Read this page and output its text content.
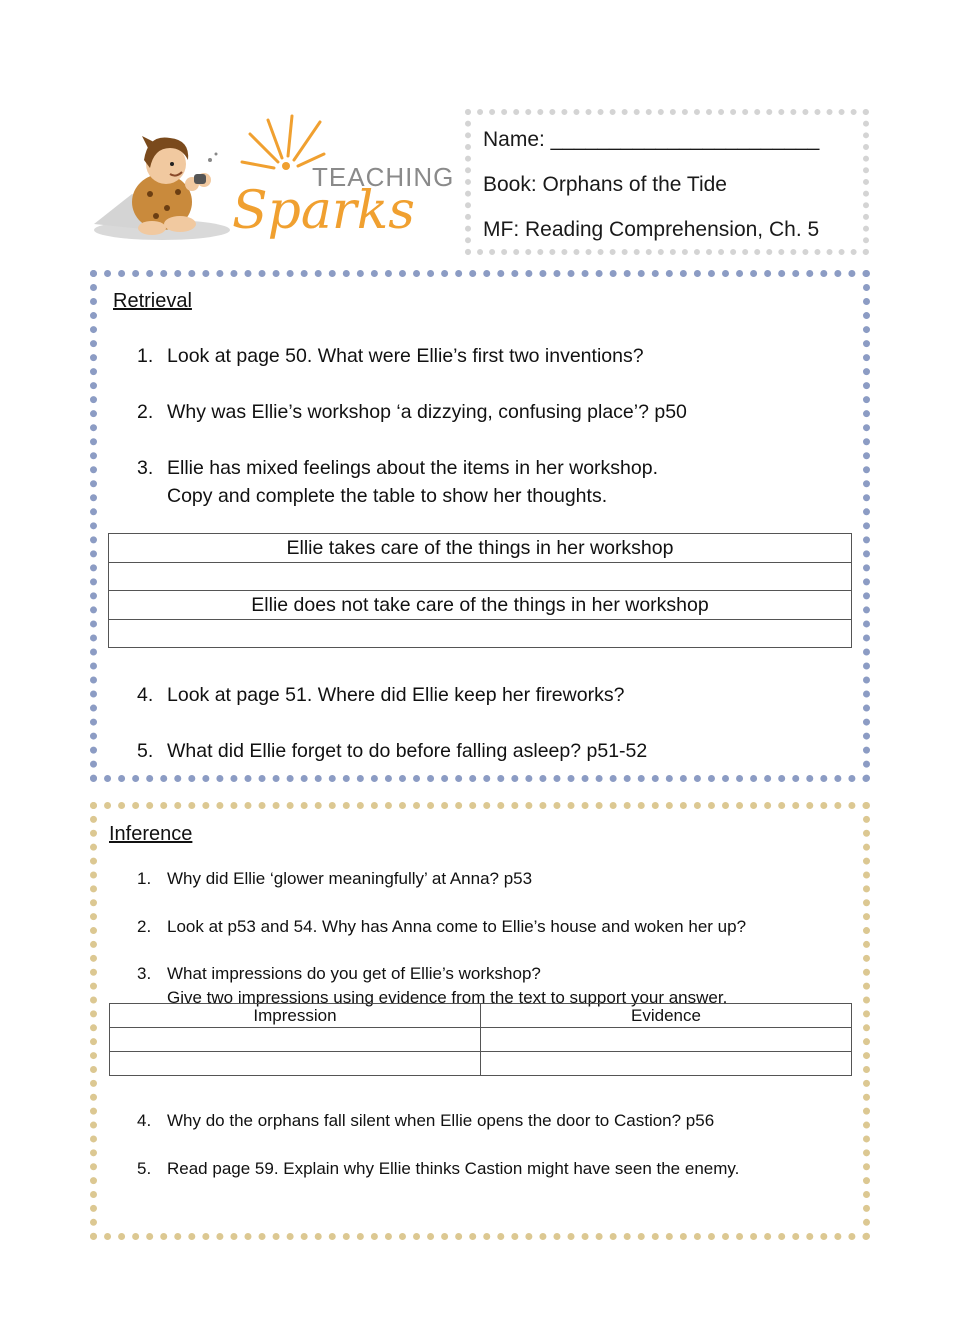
TEACHING
Sparks
Name: _______________________
Book: Orphans of the Tide
MF: Reading Comprehension, Ch. 5
Retrieval
1. Look at page 50. What were Ellie’s first two inventions?
2. Why was Ellie’s workshop ‘a dizzying, confusing place’? p50
3. Ellie has mixed feelings about the items in her workshop.
Copy and complete the table to show her thoughts.
Ellie takes care of the things in her workshop

Ellie does not take care of the things in her workshop

4. Look at page 51. Where did Ellie keep her fireworks?
5. What did Ellie forget to do before falling asleep? p51-52
Inference
1. Why did Ellie ‘glower meaningfully’ at Anna? p53
2. Look at p53 and 54. Why has Anna come to Ellie’s house and woken her up?
3. What impressions do you get of Ellie’s workshop?
Give two impressions using evidence from the text to support your answer.
Impression	Evidence

4. Why do the orphans fall silent when Ellie opens the door to Castion? p56
5. Read page 59. Explain why Ellie thinks Castion might have seen the enemy.
